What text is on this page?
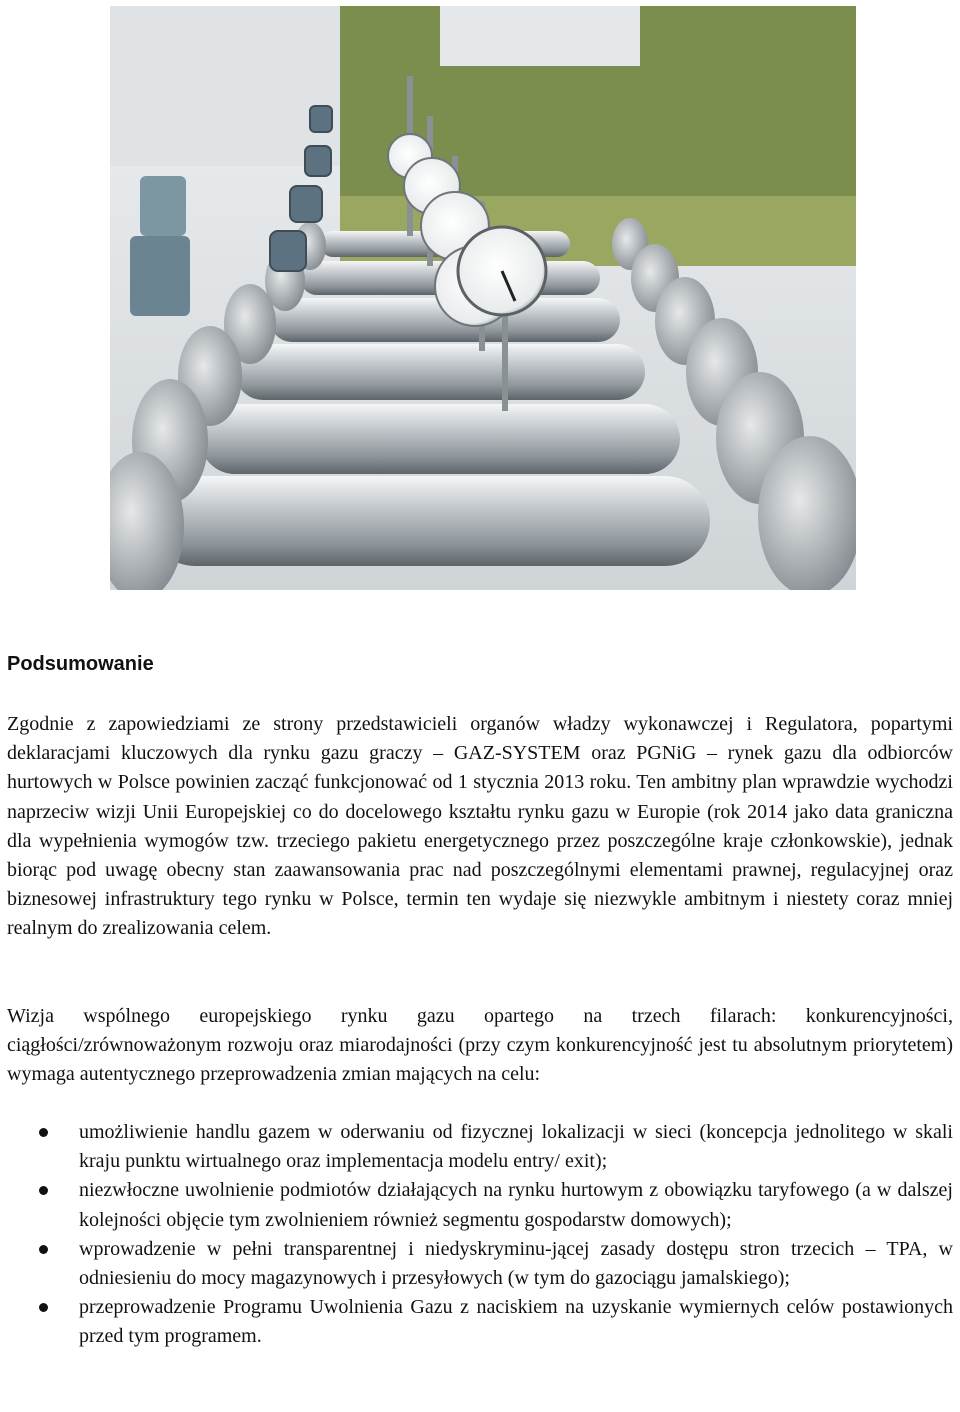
Podsumowanie

Zgodnie z zapowiedziami ze strony przedstawicieli organów władzy wykonawczej i Regulatora, popartymi deklaracjami kluczowych dla rynku gazu graczy – GAZ-SYSTEM oraz PGNiG – rynek gazu dla odbiorców hurtowych w Polsce powinien zacząć funkcjonować od 1 stycznia 2013 roku. Ten ambitny plan wprawdzie wychodzi naprzeciw wizji Unii Europejskiej co do docelowego kształtu rynku gazu w Europie (rok 2014 jako data graniczna dla wypełnienia wymogów tzw. trzeciego pakietu energetycznego przez poszczególne kraje członkowskie), jednak biorąc pod uwagę obecny stan zaawansowania prac nad poszczególnymi elementami prawnej, regulacyjnej oraz biznesowej infrastruktury tego rynku w Polsce, termin ten wydaje się niezwykle ambitnym i niestety coraz mniej realnym do zrealizowania celem.

Wizja wspólnego europejskiego rynku gazu opartego na trzech filarach: konkurencyjności, ciągłości/zrównoważonym rozwoju oraz miarodajności (przy czym konkurencyjność jest tu absolutnym priorytetem) wymaga autentycznego przeprowadzenia zmian mających na celu:

umożliwienie handlu gazem w oderwaniu od fizycznej lokalizacji w sieci (koncepcja jednolitego w skali kraju punktu wirtualnego oraz implementacja modelu entry/ exit);
niezwłoczne uwolnienie podmiotów działających na rynku hurtowym z obowiązku taryfowego (a w dalszej kolejności objęcie tym zwolnieniem również segmentu gospodarstw domowych);
wprowadzenie w pełni transparentnej i niedyskryminu-jącej zasady dostępu stron trzecich – TPA, w odniesieniu do mocy magazynowych i przesyłowych (w tym do gazociągu jamalskiego);
przeprowadzenie Programu Uwolnienia Gazu z naciskiem na uzyskanie wymiernych celów postawionych przed tym programem.
